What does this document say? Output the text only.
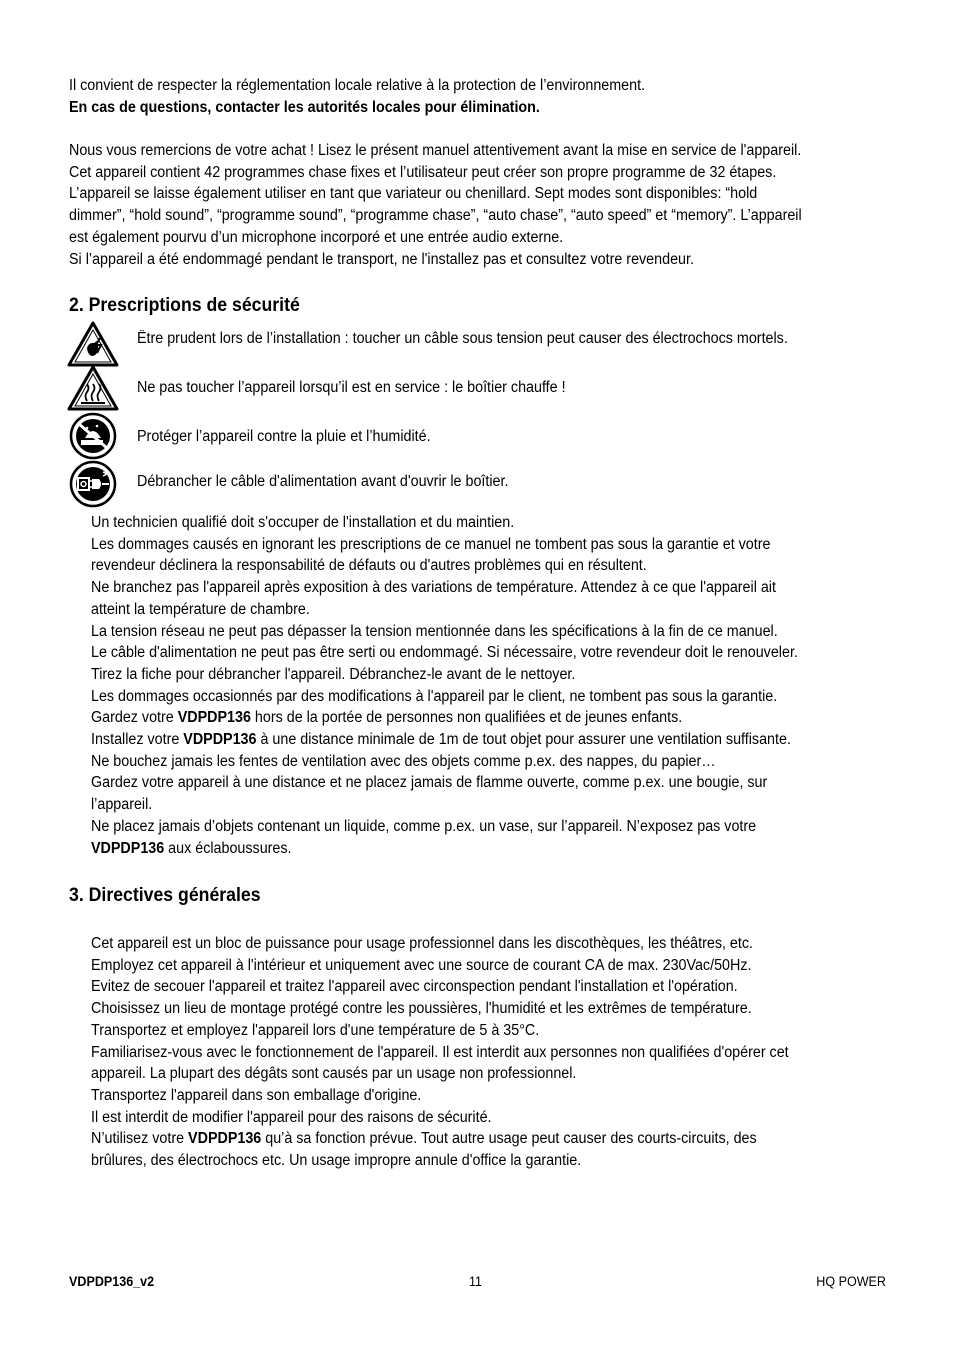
Il convient de respecter la réglementation locale relative à la protection de l’environnement.

En cas de questions, contacter les autorités locales pour élimination.

Nous vous remercions de votre achat ! Lisez le présent manuel attentivement avant la mise en service de l'appareil.

Cet appareil contient 42 programmes chase fixes et l’utilisateur peut créer son propre programme de 32 étapes.

L’appareil se laisse également utiliser en tant que variateur ou chenillard. Sept modes sont disponibles: “hold

dimmer”, “hold sound”, “programme sound”, “programme chase”, “auto chase”, “auto speed” et “memory”. L’appareil

est également pourvu d’un microphone incorporé et une entrée audio externe.

Si l’appareil a été endommagé pendant le transport, ne l'installez pas et consultez votre revendeur.

2. Prescriptions de sécurité
Être prudent lors de l’installation : toucher un câble sous tension peut causer des électrochocs mortels.
Ne pas toucher l’appareil lorsqu’il est en service : le boîtier chauffe !
Protéger l’appareil contre la pluie et l’humidité.
Débrancher le câble d'alimentation avant d'ouvrir le boîtier.

Un technicien qualifié doit s'occuper de l'installation et du maintien.

Les dommages causés en ignorant les prescriptions de ce manuel ne tombent pas sous la garantie et votre

revendeur déclinera la responsabilité de défauts ou d'autres problèmes qui en résultent.

Ne branchez pas l'appareil après exposition à des variations de température. Attendez à ce que l'appareil ait

atteint la température de chambre.

La tension réseau ne peut pas dépasser la tension mentionnée dans les spécifications à la fin de ce manuel.

Le câble d'alimentation ne peut pas être serti ou endommagé. Si nécessaire, votre revendeur doit le renouveler.

Tirez la fiche pour débrancher l'appareil. Débranchez-le avant de le nettoyer.

Les dommages occasionnés par des modifications à l'appareil par le client, ne tombent pas sous la garantie.

Gardez votre VDPDP136 hors de la portée de personnes non qualifiées et de jeunes enfants.

Installez votre VDPDP136 à une distance minimale de 1m de tout objet pour assurer une ventilation suffisante.

Ne bouchez jamais les fentes de ventilation avec des objets comme p.ex. des nappes, du papier…

Gardez votre appareil à une distance et ne placez jamais de flamme ouverte, comme p.ex. une bougie, sur

l’appareil.

Ne placez jamais d’objets contenant un liquide, comme p.ex. un vase, sur l’appareil. N’exposez pas votre

VDPDP136 aux éclaboussures.

3. Directives générales

Cet appareil est un bloc de puissance pour usage professionnel dans les discothèques, les théâtres, etc.

Employez cet appareil à l'intérieur et uniquement avec une source de courant CA de max. 230Vac/50Hz.

Evitez de secouer l'appareil et traitez l'appareil avec circonspection pendant l'installation et l'opération.

Choisissez un lieu de montage protégé contre les poussières, l'humidité et les extrêmes de température.

Transportez et employez l'appareil lors d'une température de 5 à 35°C.

Familiarisez-vous avec le fonctionnement de l'appareil. Il est interdit aux personnes non qualifiées d'opérer cet

appareil. La plupart des dégâts sont causés par un usage non professionnel.

Transportez l'appareil dans son emballage d'origine.

Il est interdit de modifier l'appareil pour des raisons de sécurité.

N’utilisez votre VDPDP136 qu’à sa fonction prévue. Tout autre usage peut causer des courts-circuits, des

brûlures, des électrochocs etc. Un usage impropre annule d'office la garantie.

VDPDP136_v2	11	HQ POWER
